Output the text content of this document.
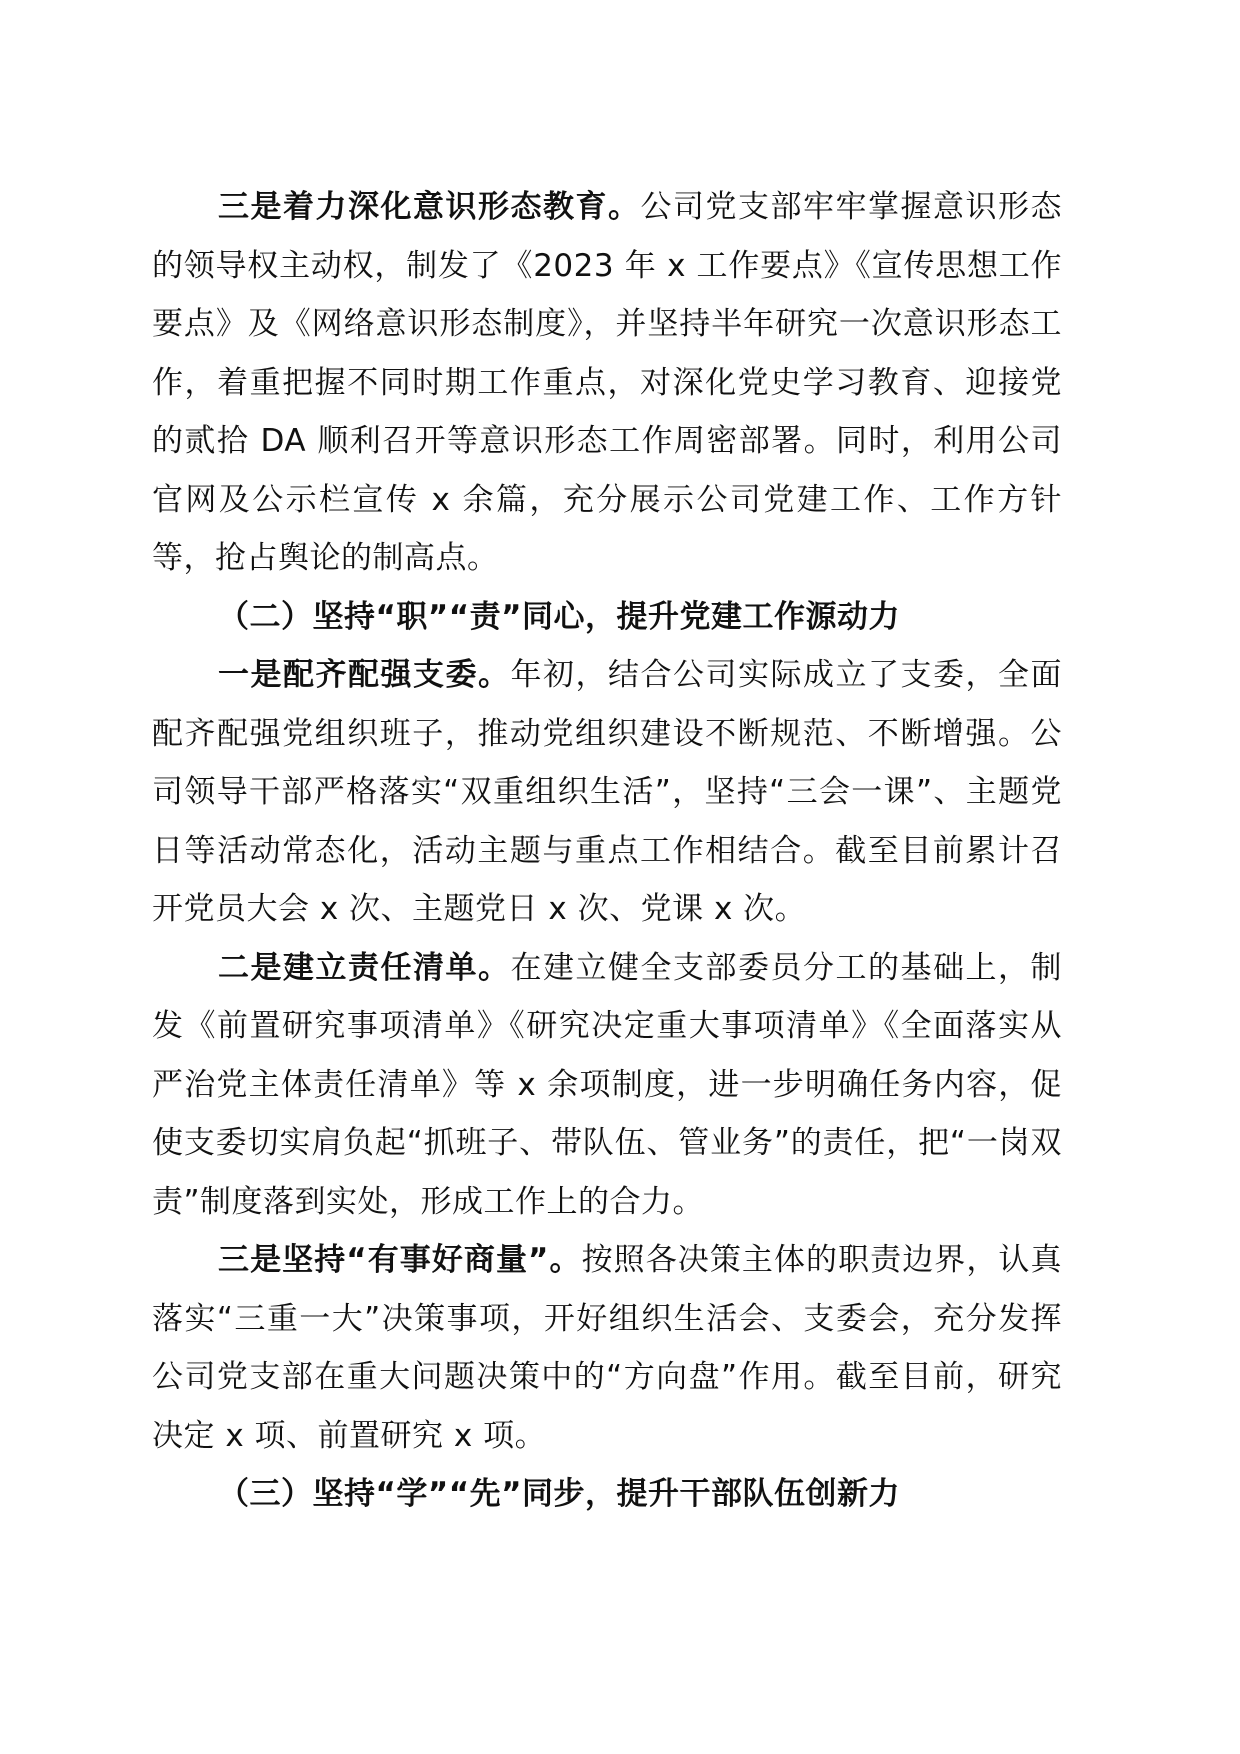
三是着力深化意识形态教育。公司党支部牢牢掌握意识形态的领导权主动权，制发了《2023 年 x 工作要点》《宣传思想工作要点》及《网络意识形态制度》，并坚持半年研究一次意识形态工作，着重把握不同时期工作重点，对深化党史学习教育、迎接党的贰拾 DA 顺利召开等意识形态工作周密部署。同时，利用公司官网及公示栏宣传 x 余篇，充分展示公司党建工作、工作方针等，抢占舆论的制高点。

（二）坚持“职”“责”同心，提升党建工作源动力

一是配齐配强支委。年初，结合公司实际成立了支委，全面配齐配强党组织班子，推动党组织建设不断规范、不断增强。公司领导干部严格落实“双重组织生活”，坚持“三会一课”、主题党日等活动常态化，活动主题与重点工作相结合。截至目前累计召开党员大会 x 次、主题党日 x 次、党课 x 次。

二是建立责任清单。在建立健全支部委员分工的基础上，制发《前置研究事项清单》《研究决定重大事项清单》《全面落实从严治党主体责任清单》等 x 余项制度，进一步明确任务内容，促使支委切实肩负起“抓班子、带队伍、管业务”的责任，把“一岗双责”制度落到实处，形成工作上的合力。

三是坚持“有事好商量”。按照各决策主体的职责边界，认真落实“三重一大”决策事项，开好组织生活会、支委会，充分发挥公司党支部在重大问题决策中的“方向盘”作用。截至目前，研究决定 x 项、前置研究 x 项。

（三）坚持“学”“先”同步，提升干部队伍创新力
